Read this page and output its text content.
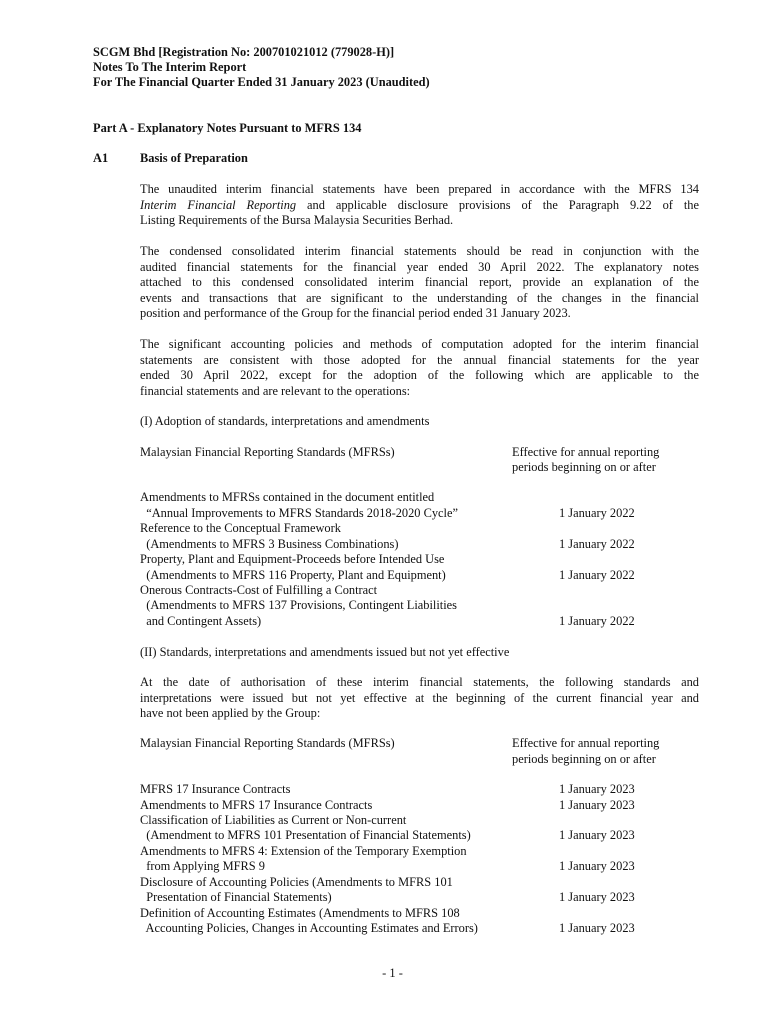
SCGM Bhd [Registration No: 200701021012 (779028-H)]
Notes To The Interim Report
For The Financial Quarter Ended 31 January 2023 (Unaudited)
Part A - Explanatory Notes Pursuant to MFRS 134
A1	Basis of Preparation
The unaudited interim financial statements have been prepared in accordance with the MFRS 134
Interim Financial Reporting and applicable disclosure provisions of the Paragraph 9.22 of the
Listing Requirements of the Bursa Malaysia Securities Berhad.
The condensed consolidated interim financial statements should be read in conjunction with the
audited financial statements for the financial year ended 30 April 2022. The explanatory notes
attached to this condensed consolidated interim financial report, provide an explanation of the
events and transactions that are significant to the understanding of the changes in the financial
position and performance of the Group for the financial period ended 31 January 2023.
The significant accounting policies and methods of computation adopted for the interim financial
statements are consistent with those adopted for the annual financial statements for the year
ended 30 April 2022, except for the adoption of the following which are applicable to the
financial statements and are relevant to the operations:
(I) Adoption of standards, interpretations and amendments
Malaysian Financial Reporting Standards (MFRSs)	Effective for annual reporting
periods beginning on or after
Amendments to MFRSs contained in the document entitled
“Annual Improvements to MFRS Standards 2018-2020 Cycle”	1 January 2022
Reference to the Conceptual Framework
(Amendments to MFRS 3 Business Combinations)	1 January 2022
Property, Plant and Equipment-Proceeds before Intended Use
(Amendments to MFRS 116 Property, Plant and Equipment)	1 January 2022
Onerous Contracts-Cost of Fulfilling a Contract
(Amendments to MFRS 137 Provisions, Contingent Liabilities
and Contingent Assets)	1 January 2022
(II) Standards, interpretations and amendments issued but not yet effective
At the date of authorisation of these interim financial statements, the following standards and
interpretations were issued but not yet effective at the beginning of the current financial year and
have not been applied by the Group:
Malaysian Financial Reporting Standards (MFRSs)	Effective for annual reporting
periods beginning on or after
MFRS 17 Insurance Contracts	1 January 2023
Amendments to MFRS 17 Insurance Contracts	1 January 2023
Classification of Liabilities as Current or Non-current
(Amendment to MFRS 101 Presentation of Financial Statements)	1 January 2023
Amendments to MFRS 4: Extension of the Temporary Exemption
from Applying MFRS 9	1 January 2023
Disclosure of Accounting Policies (Amendments to MFRS 101
Presentation of Financial Statements)	1 January 2023
Definition of Accounting Estimates (Amendments to MFRS 108
Accounting Policies, Changes in Accounting Estimates and Errors)	1 January 2023
- 1 -
